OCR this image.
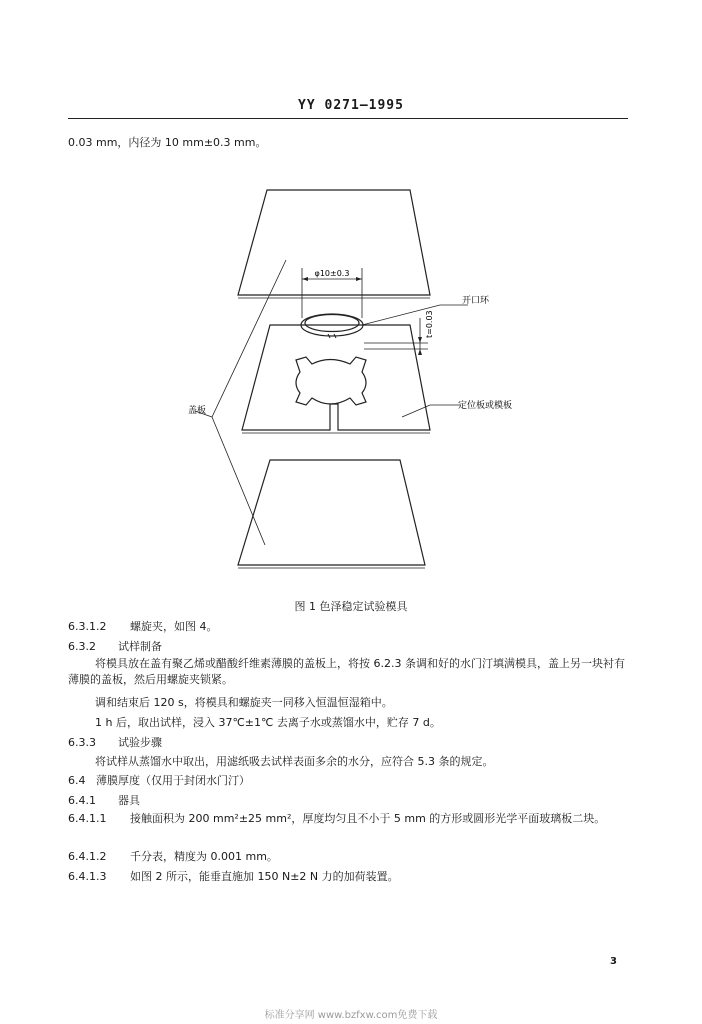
YY 0271—1995
0.03 mm，内径为 10 mm±0.3 mm。
φ10±0.3
开口环
t=0.03
盖板	定位板或模板
图 1 色泽稳定试验模具
6.3.1.2 螺旋夹，如图 4。
6.3.2 试样制备
将模具放在盖有聚乙烯或醋酸纤维素薄膜的盖板上，将按 6.2.3 条调和好的水门汀填满模具，盖上另一块衬有薄膜的盖板，然后用螺旋夹锁紧。
调和结束后 120 s，将模具和螺旋夹一同移入恒温恒湿箱中。
1 h 后，取出试样，浸入 37℃±1℃ 去离子水或蒸馏水中，贮存 7 d。
6.3.3 试验步骤
将试样从蒸馏水中取出，用滤纸吸去试样表面多余的水分，应符合 5.3 条的规定。
6.4 薄膜厚度（仅用于封闭水门汀）
6.4.1 器具
6.4.1.1 接触面积为 200 mm²±25 mm²，厚度均匀且不小于 5 mm 的方形或圆形光学平面玻璃板二块。
6.4.1.2 千分表，精度为 0.001 mm。
6.4.1.3 如图 2 所示，能垂直施加 150 N±2 N 力的加荷装置。
3
标准分享网 www.bzfxw.com免费下载
